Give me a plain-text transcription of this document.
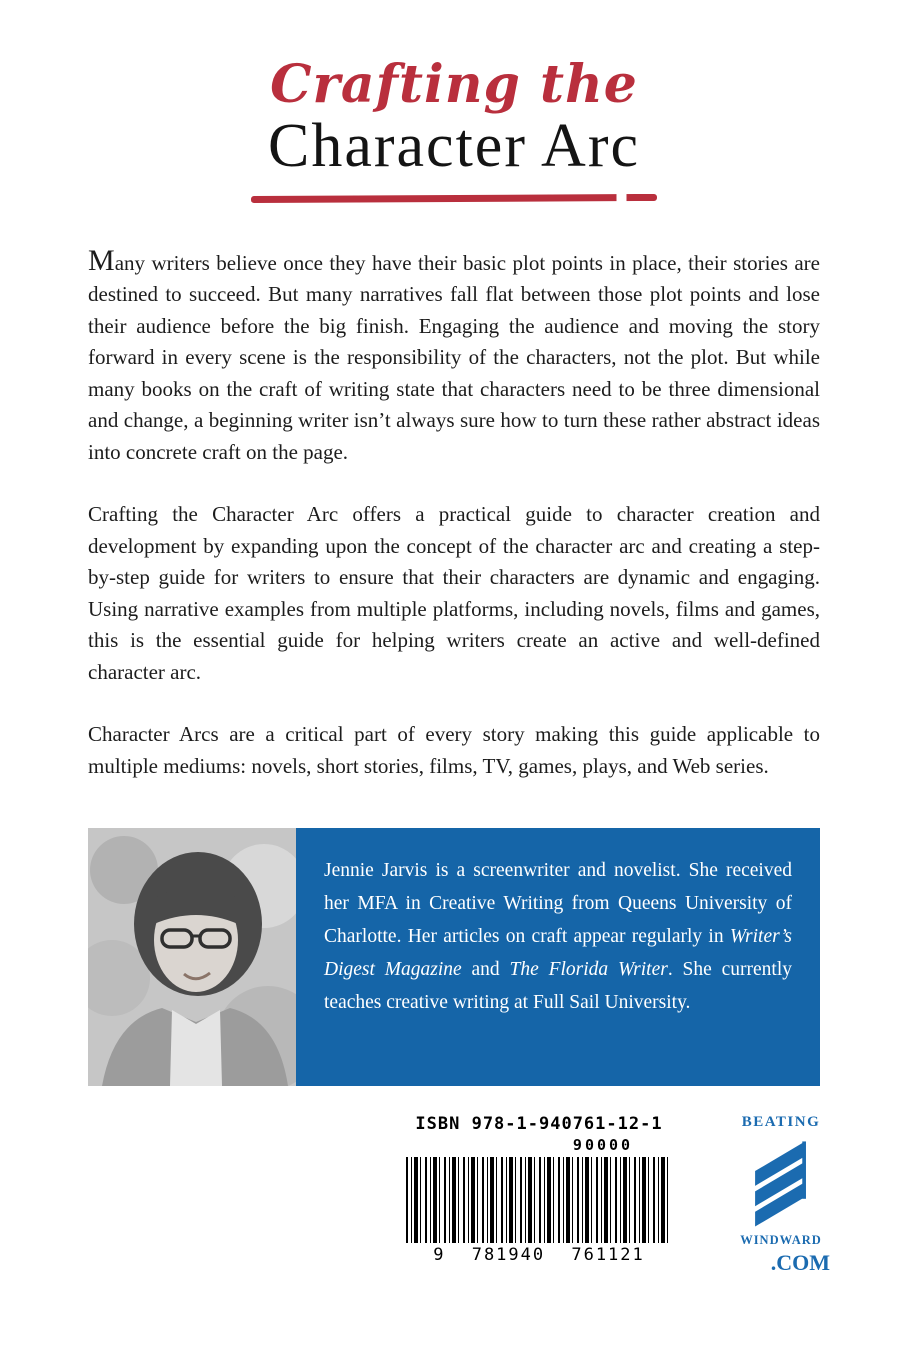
Crafting the
Character Arc

Many writers believe once they have their basic plot points in place, their stories are destined to succeed. But many narratives fall flat between those plot points and lose their audience before the big finish. Engaging the audience and moving the story forward in every scene is the responsibility of the characters, not the plot. But while many books on the craft of writing state that characters need to be three dimensional and change, a beginning writer isn’t always sure how to turn these rather abstract ideas into concrete craft on the page.

Crafting the Character Arc offers a practical guide to character creation and development by expanding upon the concept of the character arc and creating a step-by-step guide for writers to ensure that their characters are dynamic and engaging. Using narrative examples from multiple platforms, including novels, films and games, this is the essential guide for helping writers create an active and well-defined character arc.

Character Arcs are a critical part of every story making this guide applicable to multiple mediums: novels, short stories, films, TV, games, plays, and Web series.

Jennie Jarvis is a screenwriter and novelist. She received her MFA in Creative Writing from Queens University of Charlotte. Her articles on craft appear regularly in Writer’s Digest Magazine and The Florida Writer. She currently teaches creative writing at Full Sail University.
ISBN 978-1-940761-12-1
90000
9 781940 761121
BEATING
WINDWARD
.COM
